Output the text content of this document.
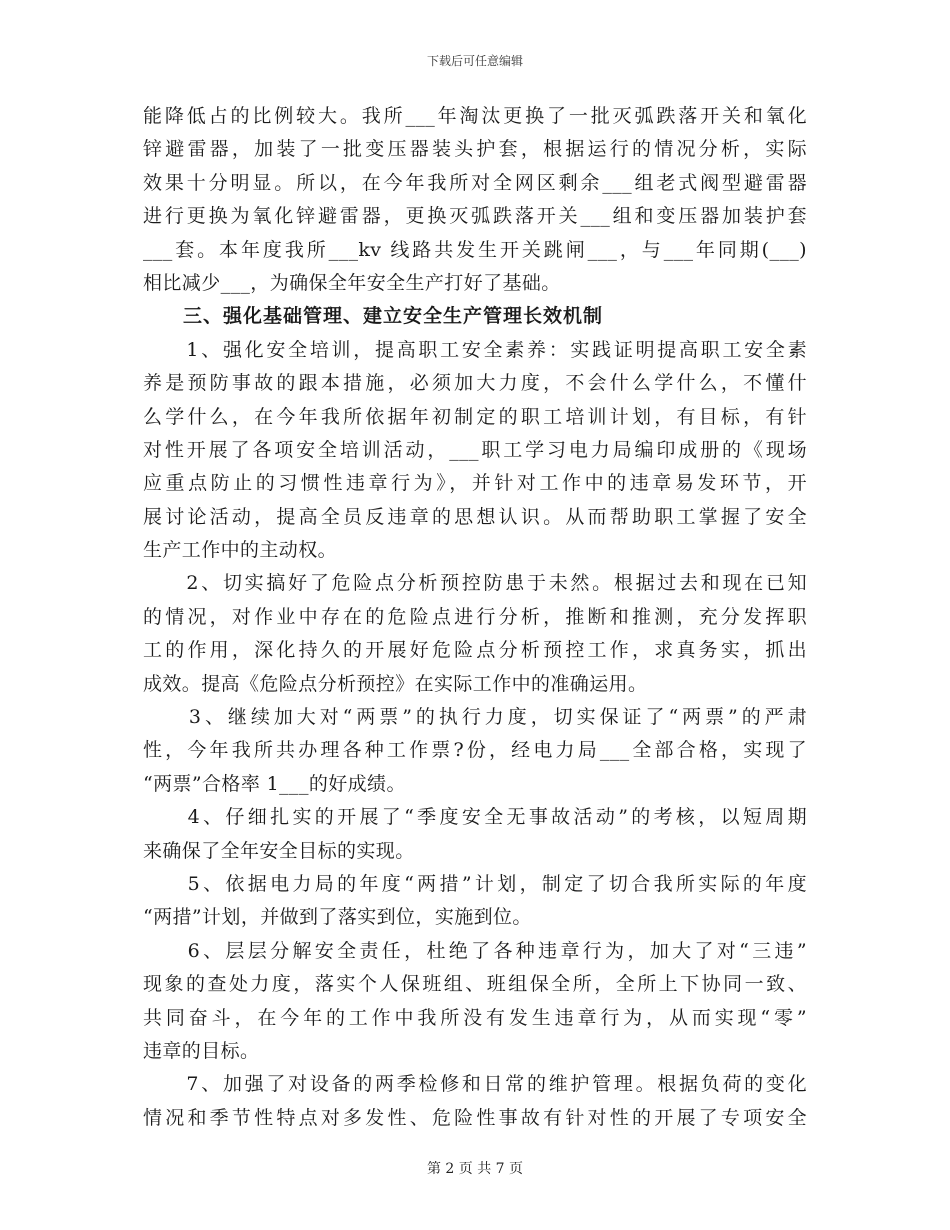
下载后可任意编辑
能降低占的比例较大。我所___年淘汰更换了一批灭弧跌落开关和氧化
锌避雷器，加装了一批变压器装头护套，根据运行的情况分析，实际
效果十分明显。所以，在今年我所对全网区剩余___组老式阀型避雷器
进行更换为氧化锌避雷器，更换灭弧跌落开关___组和变压器加装护套
___套。本年度我所___kv 线路共发生开关跳闸___，与___年同期(___)
相比减少___，为确保全年安全生产打好了基础。
　　三、强化基础管理、建立安全生产管理长效机制
　　1、强化安全培训，提高职工安全素养：实践证明提高职工安全素
养是预防事故的跟本措施，必须加大力度，不会什么学什么，不懂什
么学什么，在今年我所依据年初制定的职工培训计划，有目标，有针
对性开展了各项安全培训活动，___职工学习电力局编印成册的《现场
应重点防止的习惯性违章行为》，并针对工作中的违章易发环节，开
展讨论活动，提高全员反违章的思想认识。从而帮助职工掌握了安全
生产工作中的主动权。
　　2、切实搞好了危险点分析预控防患于未然。根据过去和现在已知
的情况，对作业中存在的危险点进行分析，推断和推测，充分发挥职
工的作用，深化持久的开展好危险点分析预控工作，求真务实，抓出
成效。提高《危险点分析预控》在实际工作中的准确运用。
　　3、继续加大对“两票”的执行力度，切实保证了“两票”的严肃
性，今年我所共办理各种工作票?份，经电力局___全部合格，实现了
“两票”合格率 1___的好成绩。
　　4、仔细扎实的开展了“季度安全无事故活动”的考核，以短周期
来确保了全年安全目标的实现。
　　5、依据电力局的年度“两措”计划，制定了切合我所实际的年度
“两措”计划，并做到了落实到位，实施到位。
　　6、层层分解安全责任，杜绝了各种违章行为，加大了对“三违”
现象的查处力度，落实个人保班组、班组保全所，全所上下协同一致、
共同奋斗，在今年的工作中我所没有发生违章行为，从而实现“零”
违章的目标。
　　7、加强了对设备的两季检修和日常的维护管理。根据负荷的变化
情况和季节性特点对多发性、危险性事故有针对性的开展了专项安全
第 2 页 共 7 页
